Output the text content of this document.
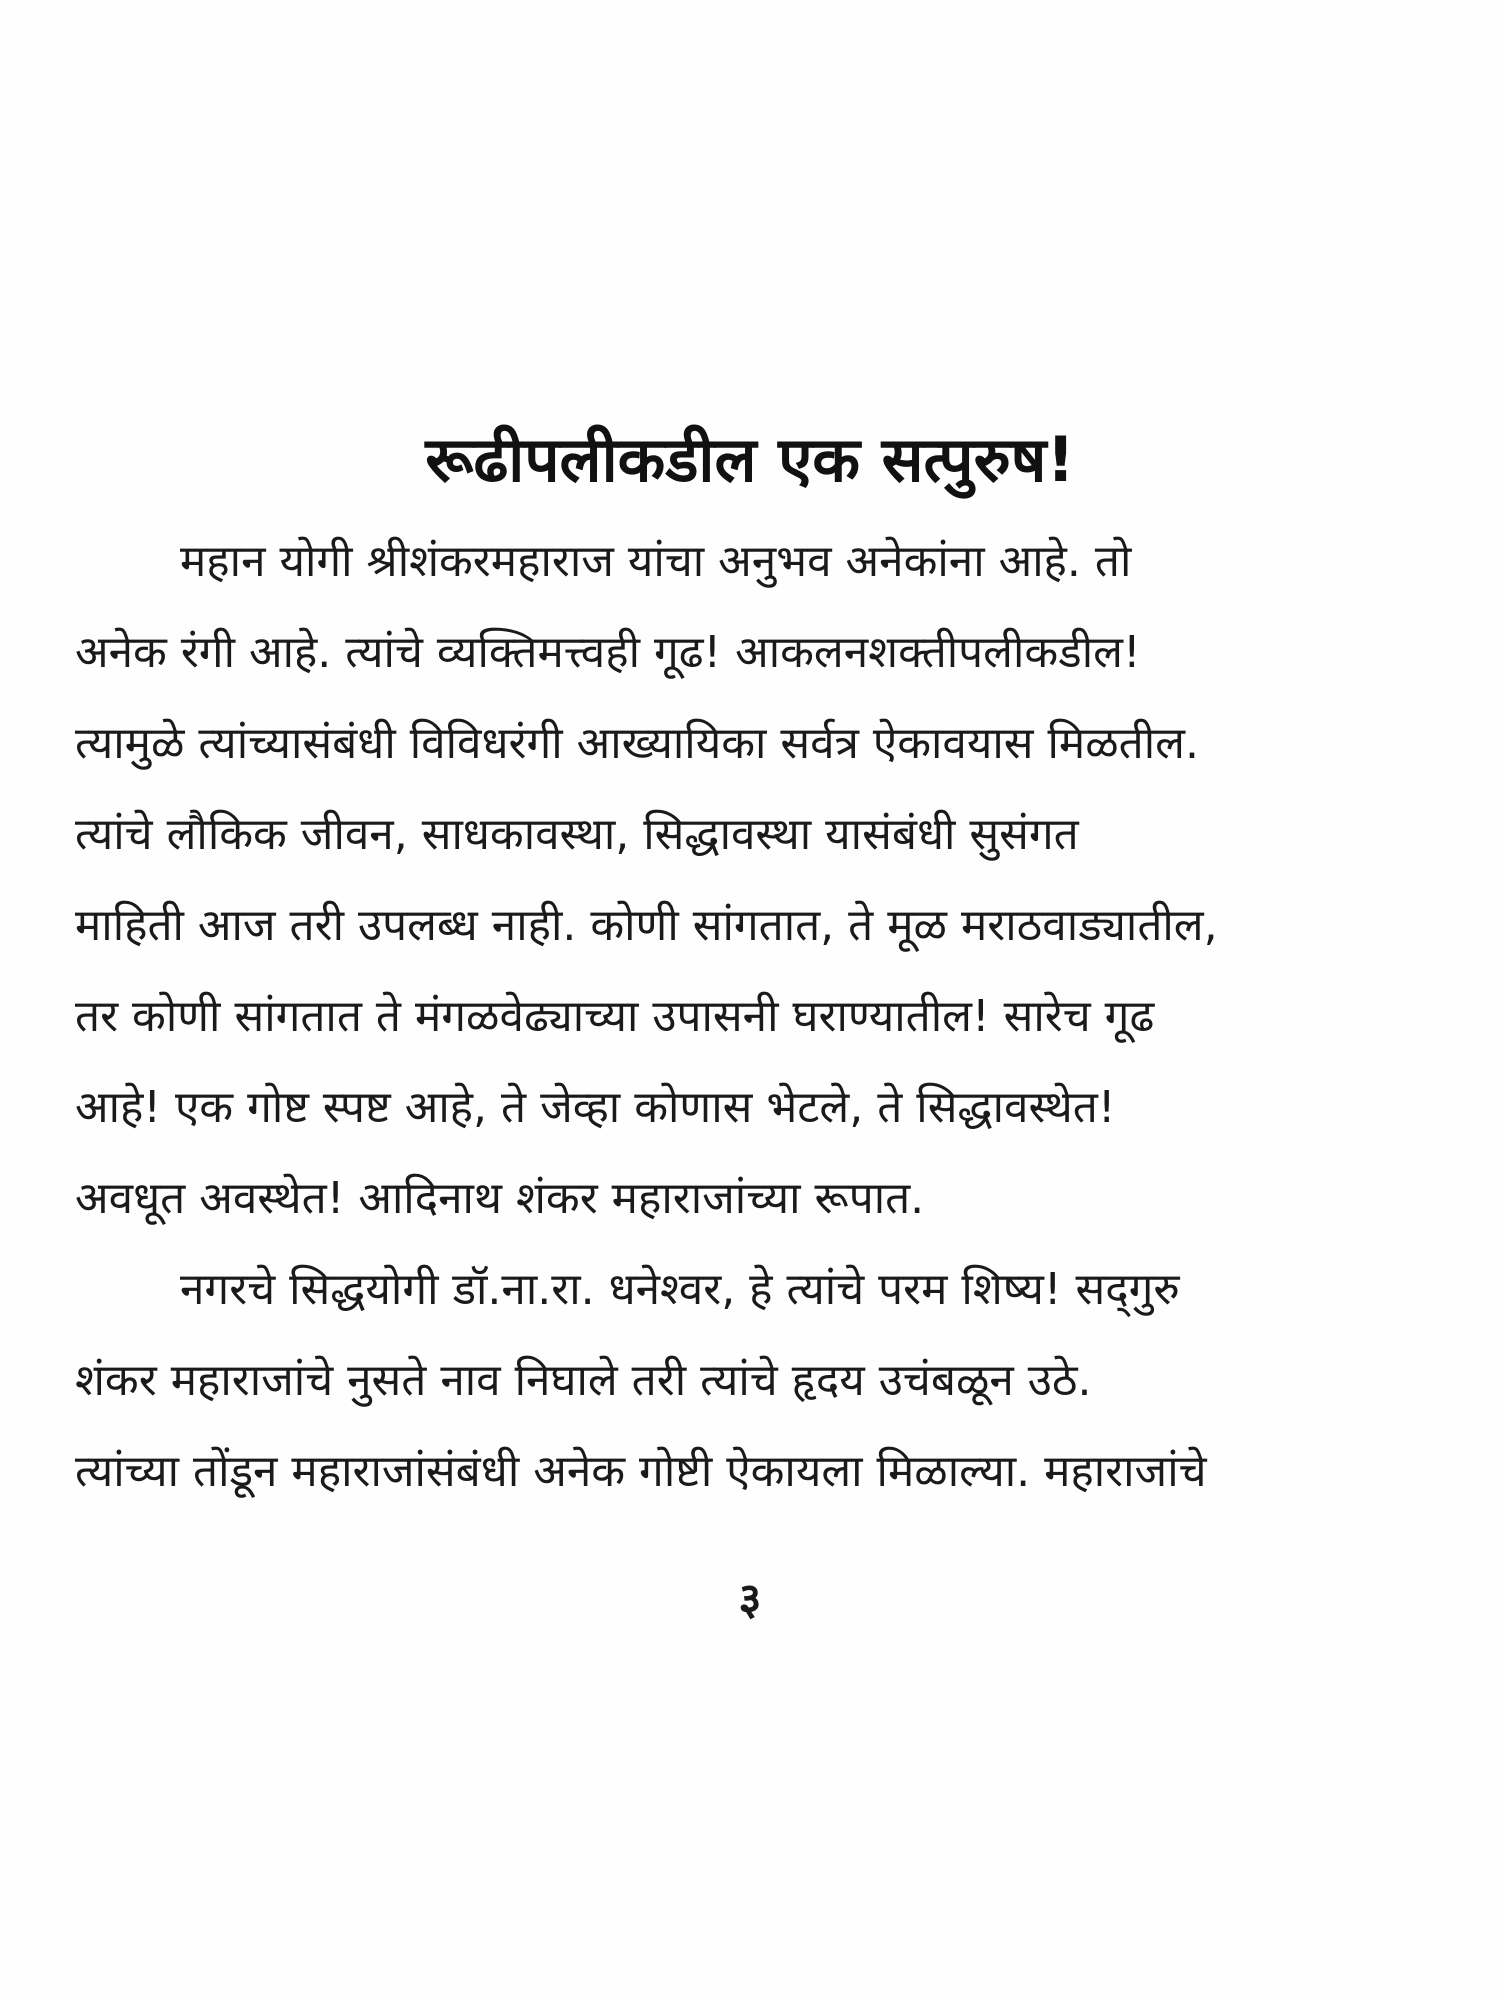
रूढीपलीकडील एक सत्पुरुष!
महान योगी श्रीशंकरमहाराज यांचा अनुभव अनेकांना आहे. तो
अनेक रंगी आहे. त्यांचे व्यक्तिमत्त्वही गूढ! आकलनशक्तीपलीकडील!
त्यामुळे त्यांच्यासंबंधी विविधरंगी आख्यायिका सर्वत्र ऐकावयास मिळतील.
त्यांचे लौकिक जीवन, साधकावस्था, सिद्धावस्था यासंबंधी सुसंगत
माहिती आज तरी उपलब्ध नाही. कोणी सांगतात, ते मूळ मराठवाड्यातील,
तर कोणी सांगतात ते मंगळवेढ्याच्या उपासनी घराण्यातील! सारेच गूढ
आहे! एक गोष्ट स्पष्ट आहे, ते जेव्हा कोणास भेटले, ते सिद्धावस्थेत!
अवधूत अवस्थेत! आदिनाथ शंकर महाराजांच्या रूपात.
नगरचे सिद्धयोगी डॉ.ना.रा. धनेश्वर, हे त्यांचे परम शिष्य! सद्‌गुरु
शंकर महाराजांचे नुसते नाव निघाले तरी त्यांचे हृदय उचंबळून उठे.
त्यांच्या तोंडून महाराजांसंबंधी अनेक गोष्टी ऐकायला मिळाल्या. महाराजांचे
३
